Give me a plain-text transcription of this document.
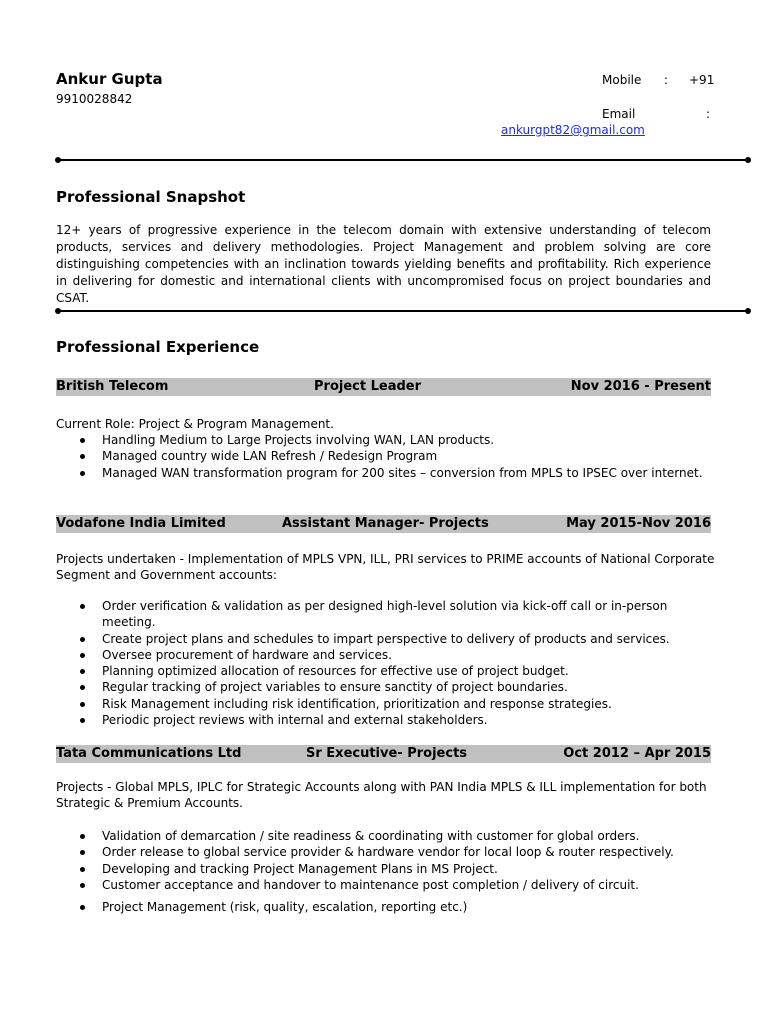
Ankur Gupta
9910028842
Mobile : +91
Email	:
ankurgpt82@gmail.com
Professional Snapshot
12+ years of progressive experience in the telecom domain with extensive understanding of telecom products, services and delivery methodologies. Project Management and problem solving are core distinguishing competencies with an inclination towards yielding benefits and profitability. Rich experience in delivering for domestic and international clients with uncompromised focus on project boundaries and CSAT.
Professional Experience
British Telecom	Project Leader	Nov 2016 - Present
Current Role: Project & Program Management.
Handling Medium to Large Projects involving WAN, LAN products.
Managed country wide LAN Refresh / Redesign Program
Managed WAN transformation program for 200 sites – conversion from MPLS to IPSEC over internet.
Vodafone India Limited	Assistant Manager- Projects	May 2015-Nov 2016
Projects undertaken - Implementation of MPLS VPN, ILL, PRI services to PRIME accounts of National Corporate Segment and Government accounts:
Order verification & validation as per designed high-level solution via kick-off call or in-person meeting.
Create project plans and schedules to impart perspective to delivery of products and services.
Oversee procurement of hardware and services.
Planning optimized allocation of resources for effective use of project budget.
Regular tracking of project variables to ensure sanctity of project boundaries.
Risk Management including risk identification, prioritization and response strategies.
Periodic project reviews with internal and external stakeholders.
Tata Communications Ltd	Sr Executive- Projects	Oct 2012 – Apr 2015
Projects - Global MPLS, IPLC for Strategic Accounts along with PAN India MPLS & ILL implementation for both Strategic & Premium Accounts.
Validation of demarcation / site readiness & coordinating with customer for global orders.
Order release to global service provider & hardware vendor for local loop & router respectively.
Developing and tracking Project Management Plans in MS Project.
Customer acceptance and handover to maintenance post completion / delivery of circuit.
Project Management (risk, quality, escalation, reporting etc.)
